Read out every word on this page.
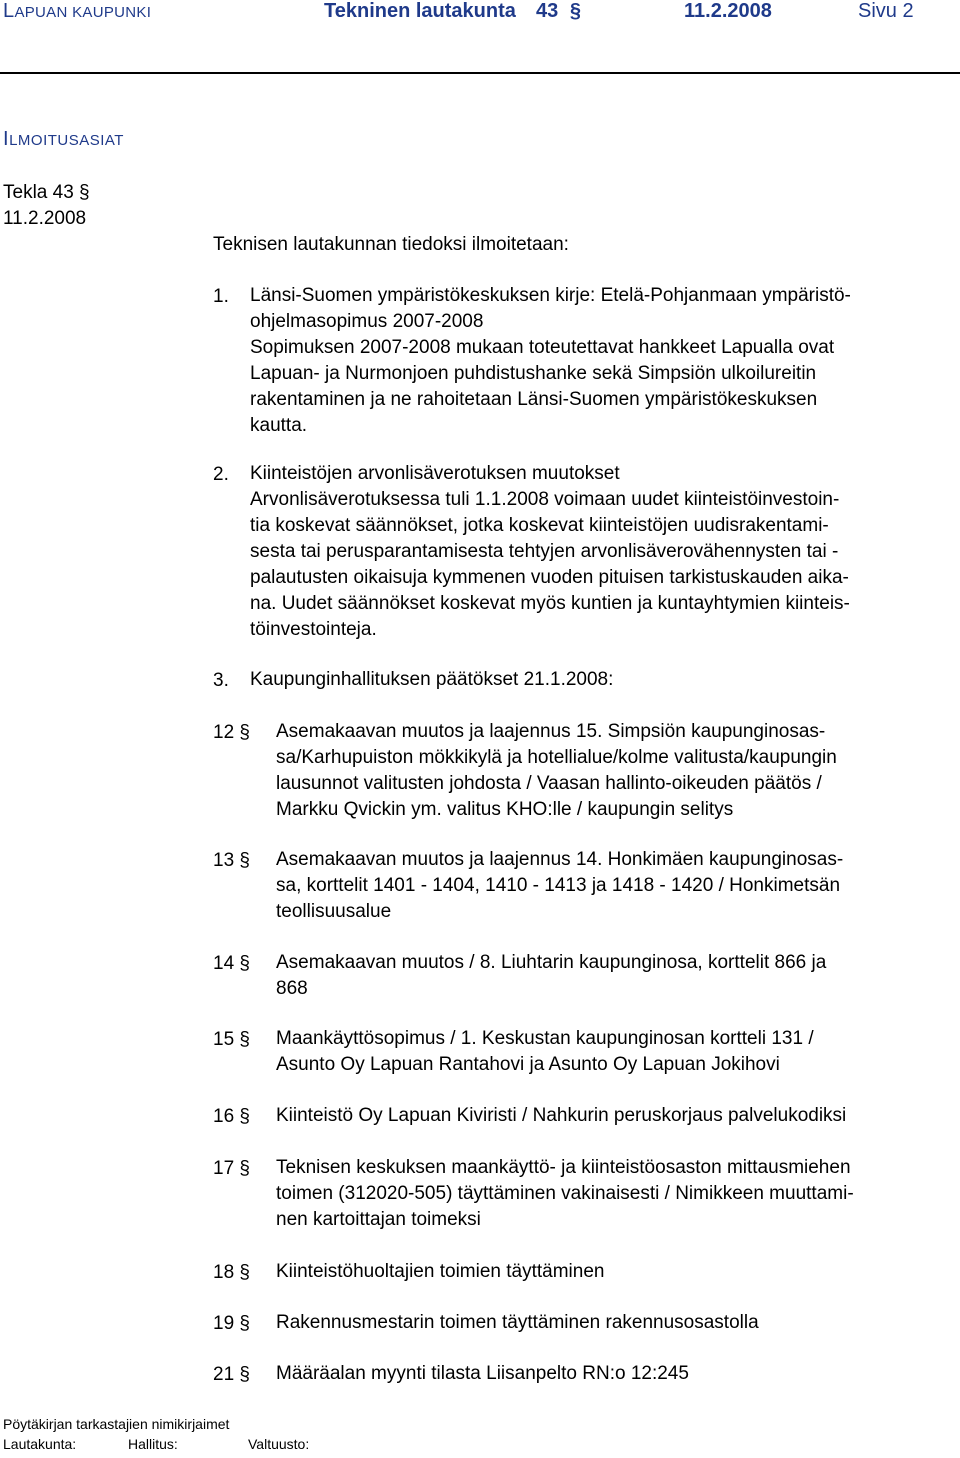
LAPUAN KAUPUNKI	Tekninen lautakunta 43 §	11.2.2008	Sivu 2
ILMOITUSASIAT
Tekla 43 §
11.2.2008
Teknisen lautakunnan tiedoksi ilmoitetaan:
1. Länsi-Suomen ympäristökeskuksen kirje: Etelä-Pohjanmaan ympäristö-
ohjelmasopimus 2007-2008
Sopimuksen 2007-2008 mukaan toteutettavat hankkeet Lapualla ovat
Lapuan- ja Nurmonjoen puhdistushanke sekä Simpsiön ulkoilureitin
rakentaminen ja ne rahoitetaan Länsi-Suomen ympäristökeskuksen
kautta.
2. Kiinteistöjen arvonlisäverotuksen muutokset
Arvonlisäverotuksessa tuli 1.1.2008 voimaan uudet kiinteistöinvestoin-
tia koskevat säännökset, jotka koskevat kiinteistöjen uudisrakentami-
sesta tai perusparantamisesta tehtyjen arvonlisäverovähennysten tai -
palautusten oikaisuja kymmenen vuoden pituisen tarkistuskauden aika-
na. Uudet säännökset koskevat myös kuntien ja kuntayhtymien kiinteis-
töinvestointeja.
3. Kaupunginhallituksen päätökset 21.1.2008:
12 § Asemakaavan muutos ja laajennus 15. Simpsiön kaupunginosas-
sa/Karhupuiston mökkikylä ja hotellialue/kolme valitusta/kaupungin
lausunnot valitusten johdosta / Vaasan hallinto-oikeuden päätös /
Markku Qvickin ym. valitus KHO:lle / kaupungin selitys
13 § Asemakaavan muutos ja laajennus 14. Honkimäen kaupunginosas-
sa, korttelit 1401 - 1404, 1410 - 1413 ja 1418 - 1420 / Honkimetsän
teollisuusalue
14 § Asemakaavan muutos / 8. Liuhtarin kaupunginosa, korttelit 866 ja
868
15 § Maankäyttösopimus / 1. Keskustan kaupunginosan kortteli 131 /
Asunto Oy Lapuan Rantahovi ja Asunto Oy Lapuan Jokihovi
16 § Kiinteistö Oy Lapuan Kiviristi / Nahkurin peruskorjaus palvelukodiksi
17 § Teknisen keskuksen maankäyttö- ja kiinteistöosaston mittausmiehen
toimen (312020-505) täyttäminen vakinaisesti / Nimikkeen muuttami-
nen kartoittajan toimeksi
18 § Kiinteistöhuoltajien toimien täyttäminen
19 § Rakennusmestarin toimen täyttäminen rakennusosastolla
21 § Määräalan myynti tilasta Liisanpelto RN:o 12:245
Pöytäkirjan tarkastajien nimikirjaimet
Lautakunta:	Hallitus:	Valtuusto:
